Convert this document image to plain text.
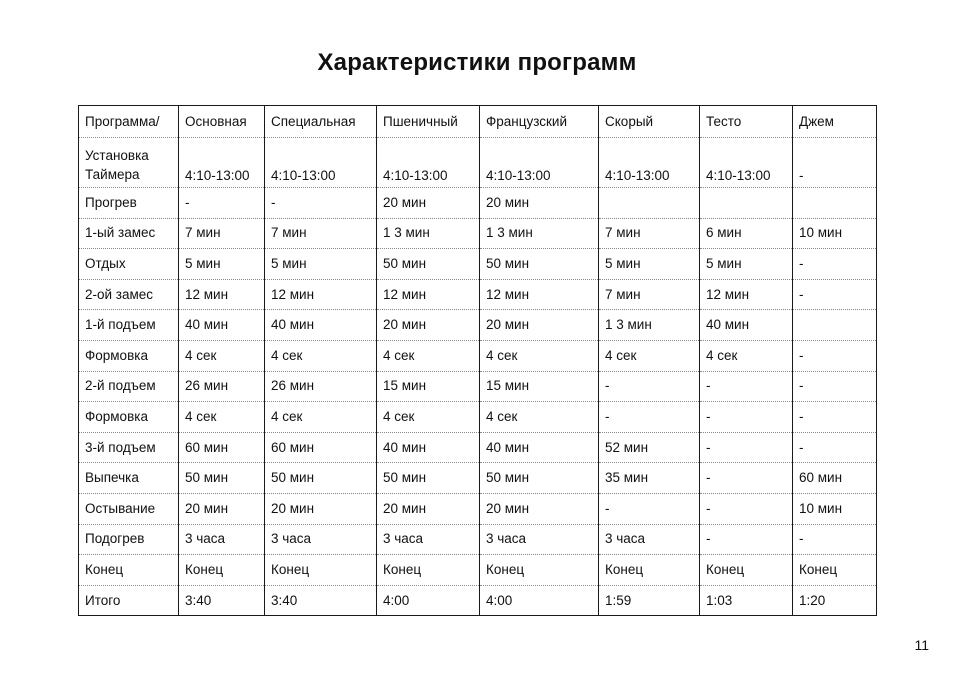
Характеристики программ
Программа/	Основная	Специальная	Пшеничный	Французский	Скорый	Тесто	Джем
Установка Таймера	4:10-13:00	4:10-13:00	4:10-13:00	4:10-13:00	4:10-13:00	4:10-13:00	-
Прогрев	-	-	20 мин	20 мин			
1-ый замес	7 мин	7 мин	1 3 мин	1 3 мин	7 мин	6 мин	10 мин
Отдых	5 мин	5 мин	50 мин	50 мин	5 мин	5 мин	-
2-ой замес	12 мин	12 мин	12 мин	12 мин	7 мин	12 мин	-
1-й подъем	40 мин	40 мин	20 мин	20 мин	1 3 мин	40 мин	
Формовка	4 сек	4 сек	4 сек	4 сек	4 сек	4 сек	-
2-й подъем	26 мин	26 мин	15 мин	15 мин	-	-	-
Формовка	4 сек	4 сек	4 сек	4 сек	-	-	-
3-й подъем	60 мин	60 мин	40 мин	40 мин	52 мин	-	-
Выпечка	50 мин	50 мин	50 мин	50 мин	35 мин	-	60 мин
Остывание	20 мин	20 мин	20 мин	20 мин	-	-	10 мин
Подогрев	3 часа	3 часа	3 часа	3 часа	3 часа	-	-
Конец	Конец	Конец	Конец	Конец	Конец	Конец	Конец
Итого	3:40	3:40	4:00	4:00	1:59	1:03	1:20
11
